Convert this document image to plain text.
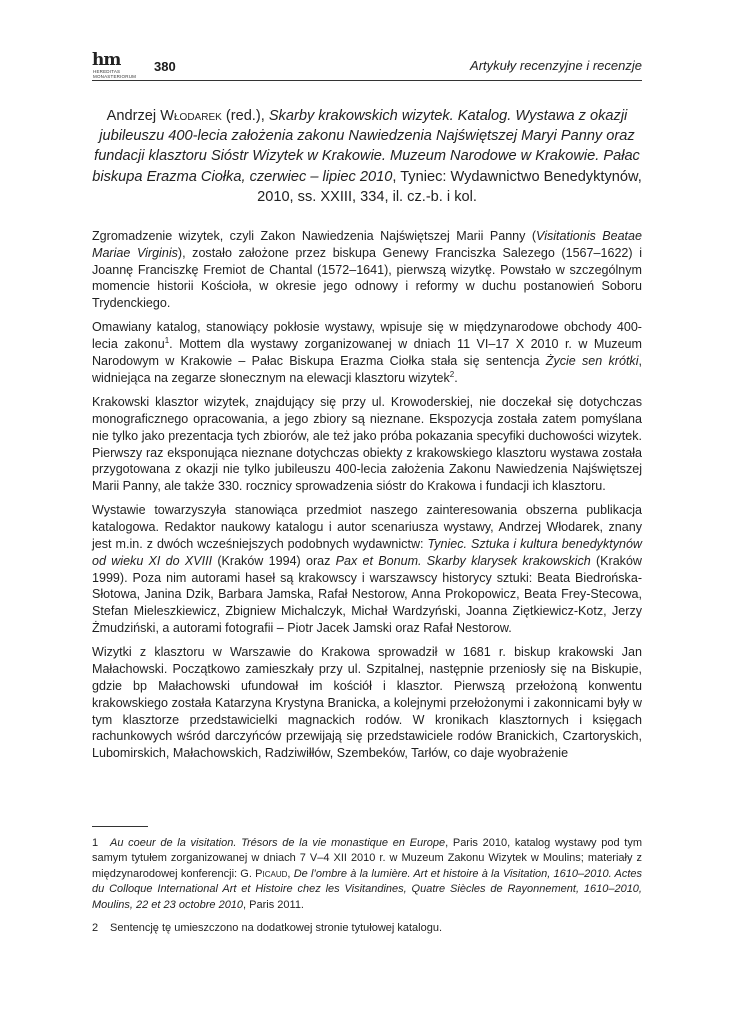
hm
HEREDITAS
MONASTERIORUM
380	Artykuły recenzyjne i recenzje
Andrzej Włodarek (red.), Skarby krakowskich wizytek. Katalog. Wystawa z okazji jubileuszu 400-lecia założenia zakonu Nawiedzenia Najświętszej Maryi Panny oraz fundacji klasztoru Sióstr Wizytek w Krakowie. Muzeum Narodowe w Krakowie. Pałac biskupa Erazma Ciołka, czerwiec – lipiec 2010, Tyniec: Wydawnictwo Benedyktynów, 2010, ss. XXIII, 334, il. cz.-b. i kol.

Zgromadzenie wizytek, czyli Zakon Nawiedzenia Najświętszej Marii Panny (Visitationis Beatae Mariae Virginis), zostało założone przez biskupa Genewy Franciszka Salezego (1567–1622) i Joannę Franciszkę Fremiot de Chantal (1572–1641), pierwszą wizytkę. Powstało w szczególnym momencie historii Kościoła, w okresie jego odnowy i reformy w duchu postanowień Soboru Trydenckiego.

Omawiany katalog, stanowiący pokłosie wystawy, wpisuje się w międzynarodowe obchody 400-lecia zakonu$^1$. Mottem dla wystawy zorganizowanej w dniach 11 VI–17 X 2010 r. w Muzeum Narodowym w Krakowie – Pałac Biskupa Erazma Ciołka stała się sentencja Życie sen krótki, widniejąca na zegarze słonecznym na elewacji klasztoru wizytek$^2$.

Krakowski klasztor wizytek, znajdujący się przy ul. Krowoderskiej, nie doczekał się dotychczas monograficznego opracowania, a jego zbiory są nieznane. Ekspozycja została zatem pomyślana nie tylko jako prezentacja tych zbiorów, ale też jako próba pokazania specyfiki duchowości wizytek. Pierwszy raz eksponująca nieznane dotychczas obiekty z krakowskiego klasztoru wystawa została przygotowana z okazji nie tylko jubileuszu 400-lecia założenia Zakonu Nawiedzenia Najświętszej Marii Panny, ale także 330. rocznicy sprowadzenia sióstr do Krakowa i fundacji ich klasztoru.

Wystawie towarzyszyła stanowiąca przedmiot naszego zainteresowania obszerna publikacja katalogowa. Redaktor naukowy katalogu i autor scenariusza wystawy, Andrzej Włodarek, znany jest m.in. z dwóch wcześniejszych podobnych wydawnictw: Tyniec. Sztuka i kultura benedyktynów od wieku XI do XVIII (Kraków 1994) oraz Pax et Bonum. Skarby klarysek krakowskich (Kraków 1999). Poza nim autorami haseł są krakowscy i warszawscy historycy sztuki: Beata Biedrońska-Słotowa, Janina Dzik, Barbara Jamska, Rafał Nestorow, Anna Prokopowicz, Beata Frey-Stecowa, Stefan Mieleszkiewicz, Zbigniew Michalczyk, Michał Wardzyński, Joanna Ziętkiewicz-Kotz, Jerzy Żmudziński, a autorami fotografii – Piotr Jacek Jamski oraz Rafał Nestorow.

Wizytki z klasztoru w Warszawie do Krakowa sprowadził w 1681 r. biskup krakowski Jan Małachowski. Początkowo zamieszkały przy ul. Szpitalnej, następnie przeniosły się na Biskupie, gdzie bp Małachowski ufundował im kościół i klasztor. Pierwszą przełożoną konwentu krakowskiego została Katarzyna Krystyna Branicka, a kolejnymi przełożonymi i zakonnicami były w tym klasztorze przedstawicielki magnackich rodów. W kronikach klasztornych i księgach rachunkowych wśród darczyńców przewijają się przedstawiciele rodów Branickich, Czartoryskich, Lubomirskich, Małachowskich, Radziwiłłów, Szembeków, Tarłów, co daje wyobrażenie

1 Au coeur de la visitation. Trésors de la vie monastique en Europe, Paris 2010, katalog wystawy pod tym samym tytułem zorganizowanej w dniach 7 V–4 XII 2010 r. w Muzeum Zakonu Wizytek w Moulins; materiały z międzynarodowej konferencji: G. Picaud, De l’ombre à la lumière. Art et histoire à la Visitation, 1610–2010. Actes du Colloque International Art et Histoire chez les Visitandines, Quatre Siècles de Rayonnement, 1610–2010, Moulins, 22 et 23 octobre 2010, Paris 2011.

2 Sentencję tę umieszczono na dodatkowej stronie tytułowej katalogu.
